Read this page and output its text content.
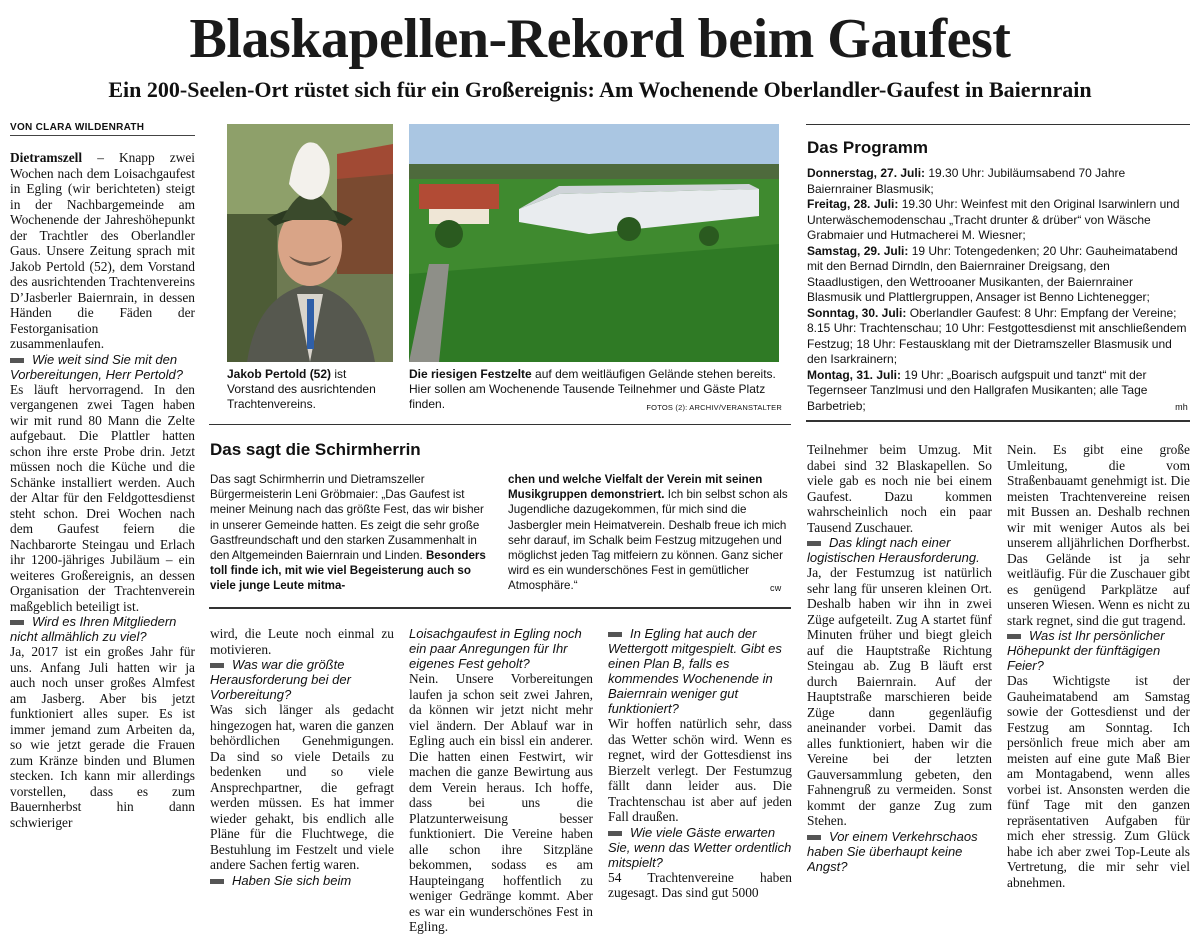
Blaskapellen-Rekord beim Gaufest
Ein 200-Seelen-Ort rüstet sich für ein Großereignis: Am Wochenende Oberlandler-Gaufest in Baiernrain
VON CLARA WILDENRATH

Dietramszell – Knapp zwei Wochen nach dem Loisachgaufest in Egling (wir berichteten) steigt in der Nachbargemeinde am Wochenende der Jahreshöhepunkt der Trachtler des Oberlandler Gaus. Unsere Zeitung sprach mit Jakob Pertold (52), dem Vorstand des ausrichtenden Trachtenvereins D’Jasberler Baiernrain, in dessen Händen die Fäden der Festorganisation zusammenlaufen.

Wie weit sind Sie mit den Vorbereitungen, Herr Pertold?

Es läuft hervorragend. In den vergangenen zwei Tagen haben wir mit rund 80 Mann die Zelte aufgebaut. Die Plattler hatten schon ihre erste Probe drin. Jetzt müssen noch die Küche und die Schänke installiert werden. Auch der Altar für den Feldgottesdienst steht schon. Drei Wochen nach dem Gaufest feiern die Nachbarorte Steingau und Erlach ihr 1200-jähriges Jubiläum – ein weiteres Großereignis, an dessen Organisation der Trachtenverein maßgeblich beteiligt ist.

Wird es Ihren Mitgliedern nicht allmählich zu viel?

Ja, 2017 ist ein großes Jahr für uns. Anfang Juli hatten wir ja auch noch unser großes Almfest am Jasberg. Aber bis jetzt funktioniert alles super. Es ist immer jemand zum Arbeiten da, so wie jetzt gerade die Frauen zum Kränze binden und Blumen stecken. Ich kann mir allerdings vorstellen, dass es zum Bauernherbst hin dann schwieriger

Jakob Pertold (52) ist Vorstand des ausrichtenden Trachtenvereins.
Die riesigen Festzelte auf dem weitläufigen Gelände stehen bereits. Hier sollen am Wochenende Tausende Teilnehmer und Gäste Platz finden.	FOTOS (2): ARCHIV/VERANSTALTER
Das Programm
Donnerstag, 27. Juli: 19.30 Uhr: Jubiläumsabend 70 Jahre Baiernrainer Blasmusik;
Freitag, 28. Juli: 19.30 Uhr: Weinfest mit den Original Isarwinlern und Unterwäschemodenschau „Tracht drunter & drüber“ von Wäsche Grabmaier und Hutmacherei M. Wiesner;
Samstag, 29. Juli: 19 Uhr: Totengedenken; 20 Uhr: Gauheimatabend mit den Bernad Dirndln, den Baiernrainer Dreigsang, den Staadlustigen, den Wettrooaner Musikanten, der Baiernrainer Blasmusik und Plattlergruppen, Ansager ist Benno Lichtenegger;
Sonntag, 30. Juli: Oberlandler Gaufest: 8 Uhr: Empfang der Vereine; 8.15 Uhr: Trachtenschau; 10 Uhr: Festgottesdienst mit anschließendem Festzug; 18 Uhr: Festausklang mit der Dietramszeller Blasmusik und den Isarkrainern;
Montag, 31. Juli: 19 Uhr: „Boarisch aufgspuit und tanzt“ mit der Tegernseer Tanzlmusi und den Hallgrafen Musikanten; alle Tage Barbetrieb;	mh
Das sagt die Schirmherrin
Das sagt Schirmherrin und Dietramszeller Bürgermeisterin Leni Gröbmaier: „Das Gaufest ist meiner Meinung nach das größte Fest, das wir bisher in unserer Gemeinde hatten. Es zeigt die sehr große Gastfreundschaft und den starken Zusammenhalt in den Altgemeinden Baiernrain und Linden. Besonders toll finde ich, mit wie viel Begeisterung auch so viele junge Leute mitma-
chen und welche Vielfalt der Verein mit seinen Musikgruppen demonstriert. Ich bin selbst schon als Jugendliche dazugekommen, für mich sind die Jasbergler mein Heimatverein. Deshalb freue ich mich sehr darauf, im Schalk beim Festzug mitzugehen und möglichst jeden Tag mitfeiern zu können. Ganz sicher wird es ein wunderschönes Fest in gemütlicher Atmosphäre.“	cw

wird, die Leute noch einmal zu motivieren.

Was war die größte Herausforderung bei der Vorbereitung?

Was sich länger als gedacht hingezogen hat, waren die ganzen behördlichen Genehmigungen. Da sind so viele Details zu bedenken und so viele Ansprechpartner, die gefragt werden müssen. Es hat immer wieder gehakt, bis endlich alle Pläne für die Fluchtwege, die Bestuhlung im Festzelt und viele andere Sachen fertig waren.

Haben Sie sich beim

Loisachgaufest in Egling noch ein paar Anregungen für Ihr eigenes Fest geholt?

Nein. Unsere Vorbereitungen laufen ja schon seit zwei Jahren, da können wir jetzt nicht mehr viel ändern. Der Ablauf war in Egling auch ein bissl ein anderer. Die hatten einen Festwirt, wir machen die ganze Bewirtung aus dem Verein heraus. Ich hoffe, dass bei uns die Platzunterweisung besser funktioniert. Die Vereine haben alle schon ihre Sitzpläne bekommen, sodass es am Haupteingang hoffentlich zu weniger Gedränge kommt. Aber es war ein wunderschönes Fest in Egling.

In Egling hat auch der Wettergott mitgespielt. Gibt es einen Plan B, falls es kommendes Wochenende in Baiernrain weniger gut funktioniert?

Wir hoffen natürlich sehr, dass das Wetter schön wird. Wenn es regnet, wird der Gottesdienst ins Bierzelt verlegt. Der Festumzug fällt dann leider aus. Die Trachtenschau ist aber auf jeden Fall draußen.

Wie viele Gäste erwarten Sie, wenn das Wetter ordentlich mitspielt?

54 Trachtenvereine haben zugesagt. Das sind gut 5000

Teilnehmer beim Umzug. Mit dabei sind 32 Blaskapellen. So viele gab es noch nie bei einem Gaufest. Dazu kommen wahrscheinlich noch ein paar Tausend Zuschauer.

Das klingt nach einer logistischen Herausforderung.

Ja, der Festumzug ist natürlich sehr lang für unseren kleinen Ort. Deshalb haben wir ihn in zwei Züge aufgeteilt. Zug A startet fünf Minuten früher und biegt gleich auf die Hauptstraße Richtung Steingau ab. Zug B läuft erst durch Baiernrain. Auf der Hauptstraße marschieren beide Züge dann gegenläufig aneinander vorbei. Damit das alles funktioniert, haben wir die Vereine bei der letzten Gauversammlung gebeten, den Fahnengruß zu vermeiden. Sonst kommt der ganze Zug zum Stehen.

Vor einem Verkehrschaos haben Sie überhaupt keine Angst?

Nein. Es gibt eine große Umleitung, die vom Straßenbauamt genehmigt ist. Die meisten Trachtenvereine reisen mit Bussen an. Deshalb rechnen wir mit weniger Autos als bei unserem alljährlichen Dorfherbst. Das Gelände ist ja sehr weitläufig. Für die Zuschauer gibt es genügend Parkplätze auf unseren Wiesen. Wenn es nicht zu stark regnet, sind die gut tragend.

Was ist Ihr persönlicher Höhepunkt der fünftägigen Feier?

Das Wichtigste ist der Gauheimatabend am Samstag sowie der Gottesdienst und der Festzug am Sonntag. Ich persönlich freue mich aber am meisten auf eine gute Maß Bier am Montagabend, wenn alles vorbei ist. Ansonsten werden die fünf Tage mit den ganzen repräsentativen Aufgaben für mich eher stressig. Zum Glück habe ich aber zwei Top-Leute als Vertretung, die mir sehr viel abnehmen.
